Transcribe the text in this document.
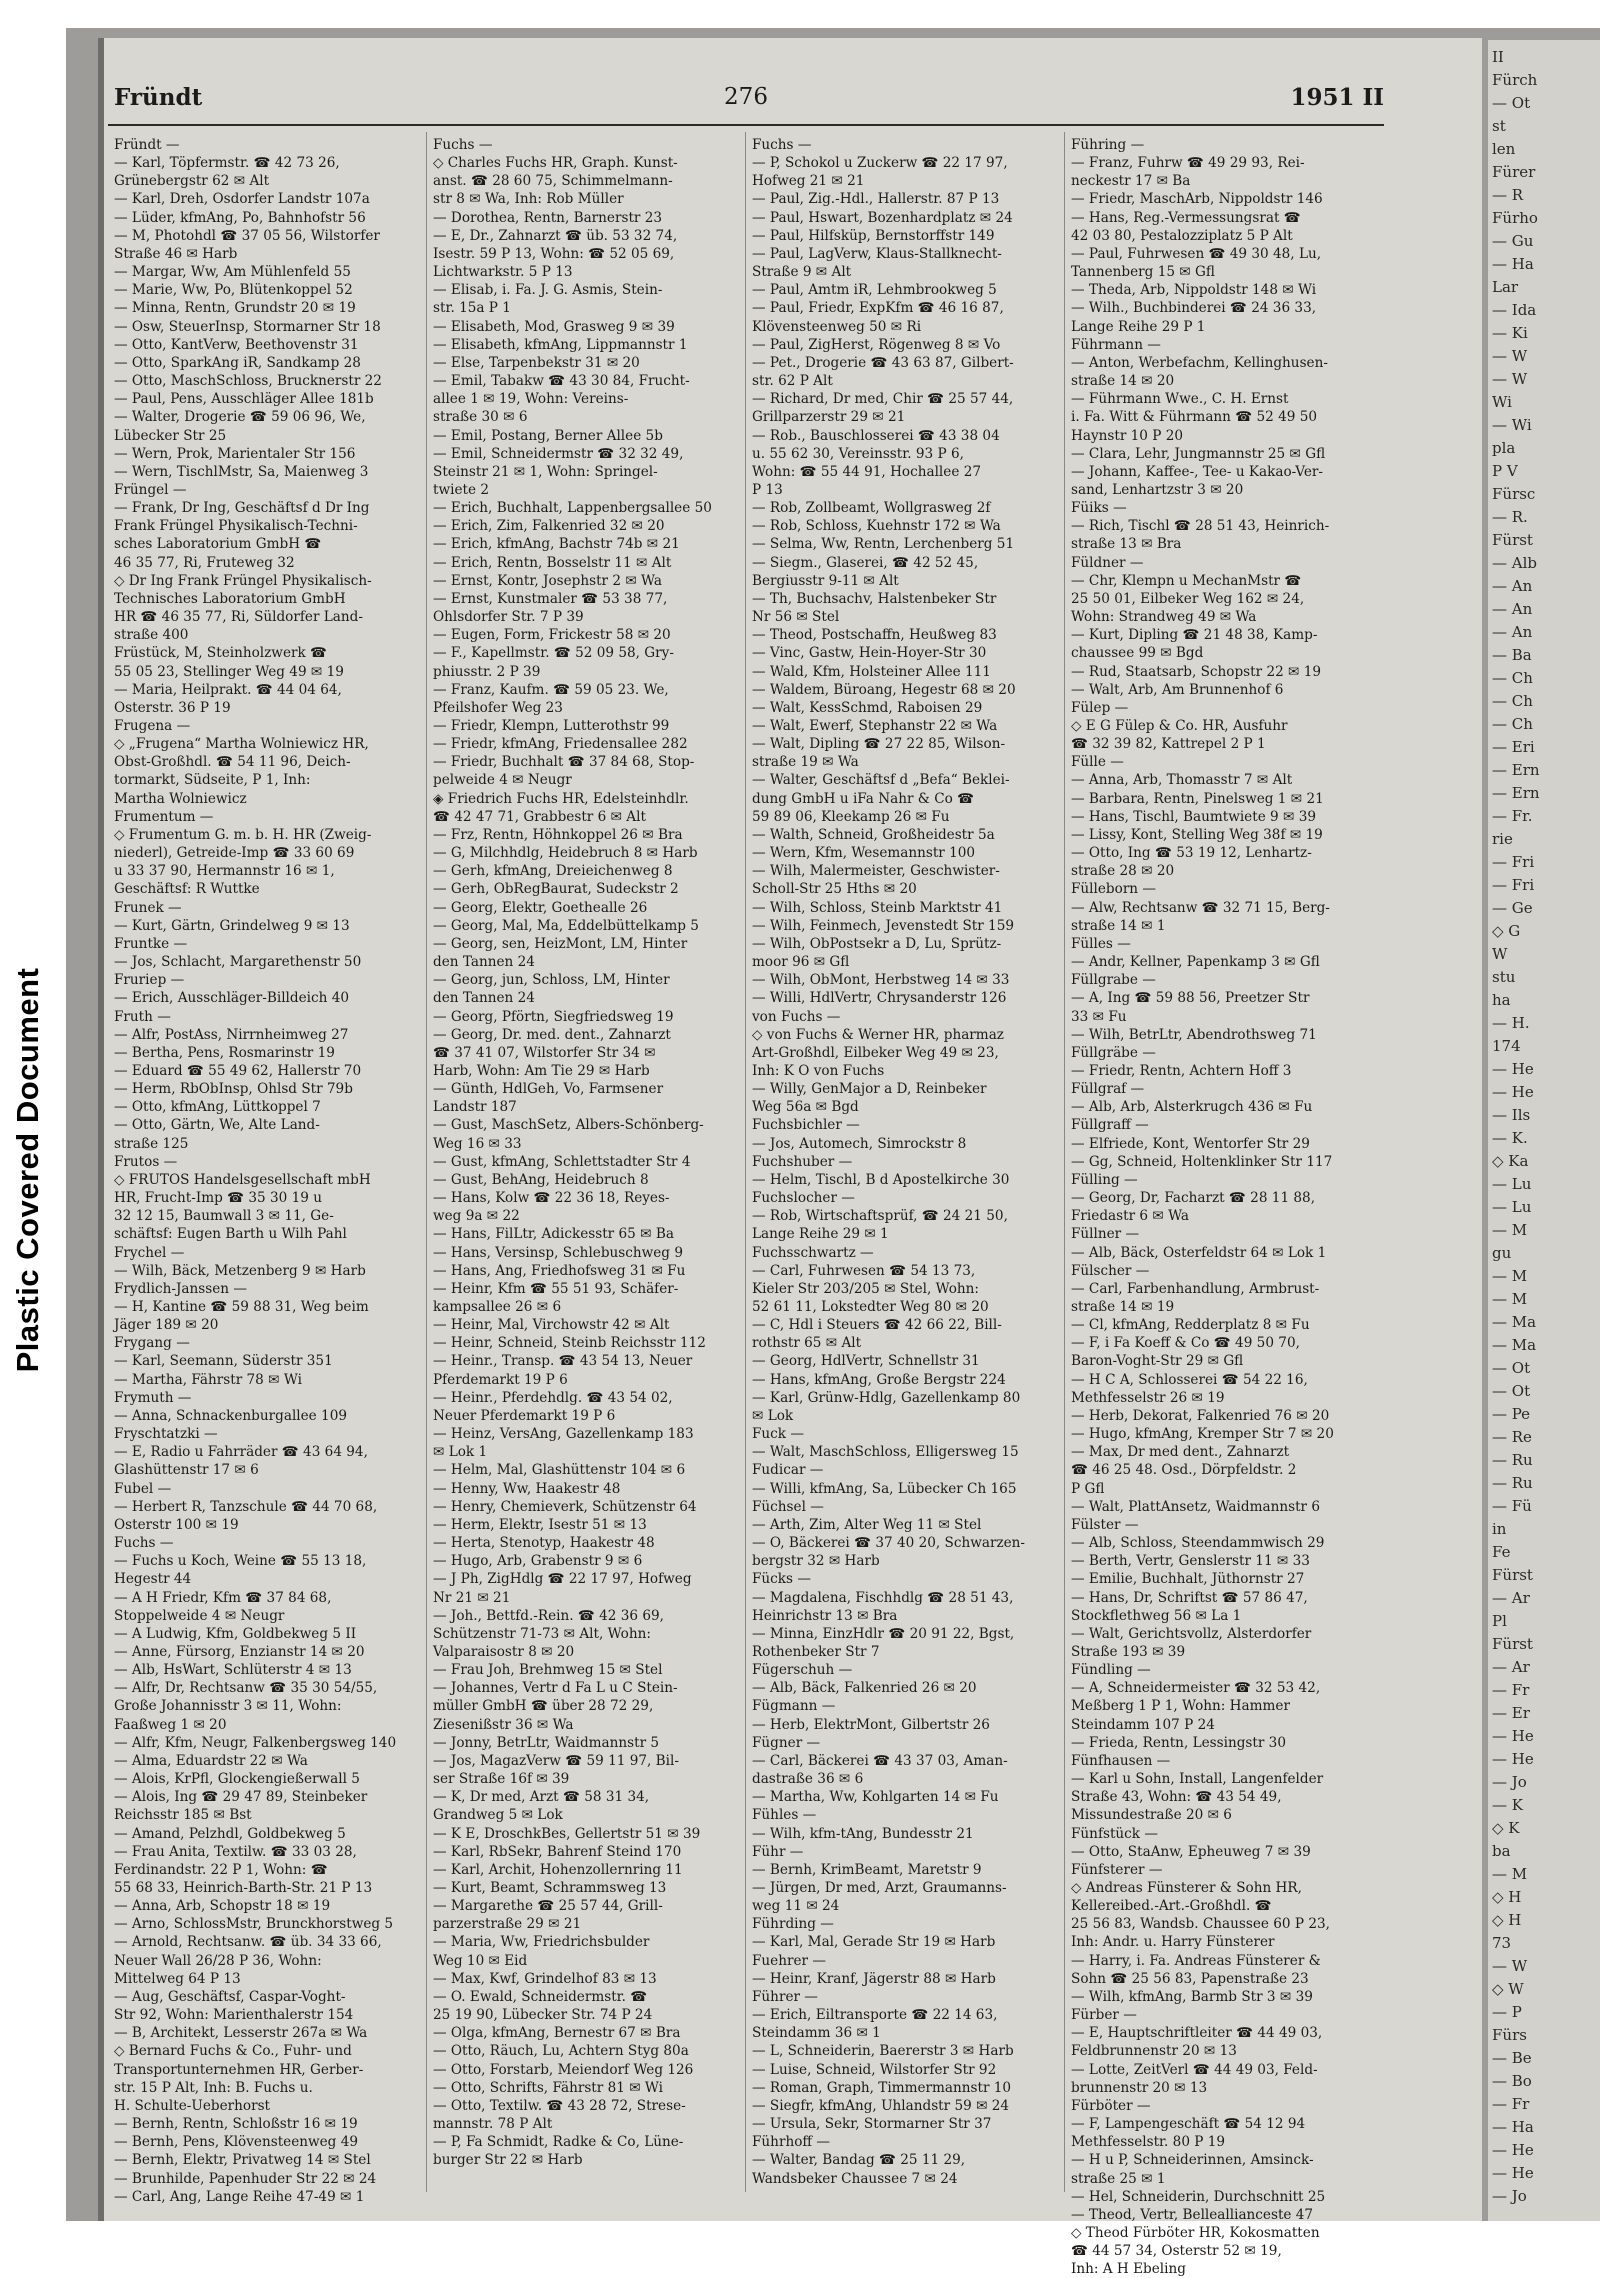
Plastic Covered Document
II
Fürch
— Ot
st
len
Fürer
— R
Fürho
— Gu
— Ha
Lar
— Ida
— Ki
— W
— W
Wi
— Wi
pla
P V
Fürsc
— R.
Fürst
— Alb
— An
— An
— An
— Ba
— Ch
— Ch
— Ch
— Eri
— Ern
— Ern
— Fr.
rie
— Fri
— Fri
— Ge
◇ G
W
stu
ha
— H.
174
— He
— He
— Ils
— K.
◇ Ka
— Lu
— Lu
— M
gu
— M
— M
— Ma
— Ma
— Ot
— Ot
— Pe
— Re
— Ru
— Ru
— Fü
in
Fe
Fürst
— Ar
Pl
Fürst
— Ar
— Fr
— Er
— He
— He
— Jo
— K
◇ K
ba
— M
◇ H
◇ H
73
— W
◇ W
— P
Fürs
— Be
— Bo
— Fr
— Ha
— He
— He
— Jo
Fründt	276	1951 II
Fründt —
— Karl, Töpfermstr. ☎ 42 73 26,
Grünebergstr 62 ✉ Alt
— Karl, Dreh, Osdorfer Landstr 107a
— Lüder, kfmAng, Po, Bahnhofstr 56
— M, Photohdl ☎ 37 05 56, Wilstorfer
Straße 46 ✉ Harb
— Margar, Ww, Am Mühlenfeld 55
— Marie, Ww, Po, Blütenkoppel 52
— Minna, Rentn, Grundstr 20 ✉ 19
— Osw, SteuerInsp, Stormarner Str 18
— Otto, KantVerw, Beethovenstr 31
— Otto, SparkAng iR, Sandkamp 28
— Otto, MaschSchloss, Brucknerstr 22
— Paul, Pens, Ausschläger Allee 181b
— Walter, Drogerie ☎ 59 06 96, We,
Lübecker Str 25
— Wern, Prok, Marientaler Str 156
— Wern, TischlMstr, Sa, Maienweg 3
Früngel —
— Frank, Dr Ing, Geschäftsf d Dr Ing
Frank Früngel Physikalisch-Techni-
sches Laboratorium GmbH ☎
46 35 77, Ri, Fruteweg 32
◇ Dr Ing Frank Früngel Physikalisch-
Technisches Laboratorium GmbH
HR ☎ 46 35 77, Ri, Süldorfer Land-
straße 400
Früstück, M, Steinholzwerk ☎
55 05 23, Stellinger Weg 49 ✉ 19
— Maria, Heilprakt. ☎ 44 04 64,
Osterstr. 36 P 19
Frugena —
◇ „Frugena“ Martha Wolniewicz HR,
Obst-Großhdl. ☎ 54 11 96, Deich-
tormarkt, Südseite, P 1, Inh:
Martha Wolniewicz
Frumentum —
◇ Frumentum G. m. b. H. HR (Zweig-
niederl), Getreide-Imp ☎ 33 60 69
u 33 37 90, Hermannstr 16 ✉ 1,
Geschäftsf: R Wuttke
Frunek —
— Kurt, Gärtn, Grindelweg 9 ✉ 13
Fruntke —
— Jos, Schlacht, Margarethenstr 50
Fruriep —
— Erich, Ausschläger-Billdeich 40
Fruth —
— Alfr, PostAss, Nirrnheimweg 27
— Bertha, Pens, Rosmarinstr 19
— Eduard ☎ 55 49 62, Hallerstr 70
— Herm, RbObInsp, Ohlsd Str 79b
— Otto, kfmAng, Lüttkoppel 7
— Otto, Gärtn, We, Alte Land-
straße 125
Frutos —
◇ FRUTOS Handelsgesellschaft mbH
HR, Frucht-Imp ☎ 35 30 19 u
32 12 15, Baumwall 3 ✉ 11, Ge-
schäftsf: Eugen Barth u Wilh Pahl
Frychel —
— Wilh, Bäck, Metzenberg 9 ✉ Harb
Frydlich-Janssen —
— H, Kantine ☎ 59 88 31, Weg beim
Jäger 189 ✉ 20
Frygang —
— Karl, Seemann, Süderstr 351
— Martha, Fährstr 78 ✉ Wi
Frymuth —
— Anna, Schnackenburgallee 109
Fryschtatzki —
— E, Radio u Fahrräder ☎ 43 64 94,
Glashüttenstr 17 ✉ 6
Fubel —
— Herbert R, Tanzschule ☎ 44 70 68,
Osterstr 100 ✉ 19
Fuchs —
— Fuchs u Koch, Weine ☎ 55 13 18,
Hegestr 44
— A H Friedr, Kfm ☎ 37 84 68,
Stoppelweide 4 ✉ Neugr
— A Ludwig, Kfm, Goldbekweg 5 II
— Anne, Fürsorg, Enzianstr 14 ✉ 20
— Alb, HsWart, Schlüterstr 4 ✉ 13
— Alfr, Dr, Rechtsanw ☎ 35 30 54/55,
Große Johannisstr 3 ✉ 11, Wohn:
Faaßweg 1 ✉ 20
— Alfr, Kfm, Neugr, Falkenbergsweg 140
— Alma, Eduardstr 22 ✉ Wa
— Alois, KrPfl, Glockengießerwall 5
— Alois, Ing ☎ 29 47 89, Steinbeker
Reichsstr 185 ✉ Bst
— Amand, Pelzhdl, Goldbekweg 5
— Frau Anita, Textilw. ☎ 33 03 28,
Ferdinandstr. 22 P 1, Wohn: ☎
55 68 33, Heinrich-Barth-Str. 21 P 13
— Anna, Arb, Schopstr 18 ✉ 19
— Arno, SchlossMstr, Brunckhorstweg 5
— Arnold, Rechtsanw. ☎ üb. 34 33 66,
Neuer Wall 26/28 P 36, Wohn:
Mittelweg 64 P 13
— Aug, Geschäftsf, Caspar-Voght-
Str 92, Wohn: Marienthalerstr 154
— B, Architekt, Lesserstr 267a ✉ Wa
◇ Bernard Fuchs & Co., Fuhr- und
Transportunternehmen HR, Gerber-
str. 15 P Alt, Inh: B. Fuchs u.
H. Schulte-Ueberhorst
— Bernh, Rentn, Schloßstr 16 ✉ 19
— Bernh, Pens, Klövensteenweg 49
— Bernh, Elektr, Privatweg 14 ✉ Stel
— Brunhilde, Papenhuder Str 22 ✉ 24
— Carl, Ang, Lange Reihe 47-49 ✉ 1
Fuchs —
◇ Charles Fuchs HR, Graph. Kunst-
anst. ☎ 28 60 75, Schimmelmann-
str 8 ✉ Wa, Inh: Rob Müller
— Dorothea, Rentn, Barnerstr 23
— E, Dr., Zahnarzt ☎ üb. 53 32 74,
Isestr. 59 P 13, Wohn: ☎ 52 05 69,
Lichtwarkstr. 5 P 13
— Elisab, i. Fa. J. G. Asmis, Stein-
str. 15a P 1
— Elisabeth, Mod, Grasweg 9 ✉ 39
— Elisabeth, kfmAng, Lippmannstr 1
— Else, Tarpenbekstr 31 ✉ 20
— Emil, Tabakw ☎ 43 30 84, Frucht-
allee 1 ✉ 19, Wohn: Vereins-
straße 30 ✉ 6
— Emil, Postang, Berner Allee 5b
— Emil, Schneidermstr ☎ 32 32 49,
Steinstr 21 ✉ 1, Wohn: Springel-
twiete 2
— Erich, Buchhalt, Lappenbergsallee 50
— Erich, Zim, Falkenried 32 ✉ 20
— Erich, kfmAng, Bachstr 74b ✉ 21
— Erich, Rentn, Bosselstr 11 ✉ Alt
— Ernst, Kontr, Josephstr 2 ✉ Wa
— Ernst, Kunstmaler ☎ 53 38 77,
Ohlsdorfer Str. 7 P 39
— Eugen, Form, Frickestr 58 ✉ 20
— F., Kapellmstr. ☎ 52 09 58, Gry-
phiusstr. 2 P 39
— Franz, Kaufm. ☎ 59 05 23. We,
Pfeilshofer Weg 23
— Friedr, Klempn, Lutterothstr 99
— Friedr, kfmAng, Friedensallee 282
— Friedr, Buchhalt ☎ 37 84 68, Stop-
pelweide 4 ✉ Neugr
◈ Friedrich Fuchs HR, Edelsteinhdlr.
☎ 42 47 71, Grabbestr 6 ✉ Alt
— Frz, Rentn, Höhnkoppel 26 ✉ Bra
— G, Milchhdlg, Heidebruch 8 ✉ Harb
— Gerh, kfmAng, Dreieichenweg 8
— Gerh, ObRegBaurat, Sudeckstr 2
— Georg, Elektr, Goethealle 26
— Georg, Mal, Ma, Eddelbüttelkamp 5
— Georg, sen, HeizMont, LM, Hinter
den Tannen 24
— Georg, jun, Schloss, LM, Hinter
den Tannen 24
— Georg, Pförtn, Siegfriedsweg 19
— Georg, Dr. med. dent., Zahnarzt
☎ 37 41 07, Wilstorfer Str 34 ✉
Harb, Wohn: Am Tie 29 ✉ Harb
— Günth, HdlGeh, Vo, Farmsener
Landstr 187
— Gust, MaschSetz, Albers-Schönberg-
Weg 16 ✉ 33
— Gust, kfmAng, Schlettstadter Str 4
— Gust, BehAng, Heidebruch 8
— Hans, Kolw ☎ 22 36 18, Reyes-
weg 9a ✉ 22
— Hans, FilLtr, Adickesstr 65 ✉ Ba
— Hans, Versinsp, Schlebuschweg 9
— Hans, Ang, Friedhofsweg 31 ✉ Fu
— Heinr, Kfm ☎ 55 51 93, Schäfer-
kampsallee 26 ✉ 6
— Heinr, Mal, Virchowstr 42 ✉ Alt
— Heinr, Schneid, Steinb Reichsstr 112
— Heinr., Transp. ☎ 43 54 13, Neuer
Pferdemarkt 19 P 6
— Heinr., Pferdehdlg. ☎ 43 54 02,
Neuer Pferdemarkt 19 P 6
— Heinz, VersAng, Gazellenkamp 183
✉ Lok 1
— Helm, Mal, Glashüttenstr 104 ✉ 6
— Henny, Ww, Haakestr 48
— Henry, Chemieverk, Schützenstr 64
— Herm, Elektr, Isestr 51 ✉ 13
— Herta, Stenotyp, Haakestr 48
— Hugo, Arb, Grabenstr 9 ✉ 6
— J Ph, ZigHdlg ☎ 22 17 97, Hofweg
Nr 21 ✉ 21
— Joh., Bettfd.-Rein. ☎ 42 36 69,
Schützenstr 71-73 ✉ Alt, Wohn:
Valparaisostr 8 ✉ 20
— Frau Joh, Brehmweg 15 ✉ Stel
— Johannes, Vertr d Fa L u C Stein-
müller GmbH ☎ über 28 72 29,
Ziesenißstr 36 ✉ Wa
— Jonny, BetrLtr, Waidmannstr 5
— Jos, MagazVerw ☎ 59 11 97, Bil-
ser Straße 16f ✉ 39
— K, Dr med, Arzt ☎ 58 31 34,
Grandweg 5 ✉ Lok
— K E, DroschkBes, Gellertstr 51 ✉ 39
— Karl, RbSekr, Bahrenf Steind 170
— Karl, Archit, Hohenzollernring 11
— Kurt, Beamt, Schrammsweg 13
— Margarethe ☎ 25 57 44, Grill-
parzerstraße 29 ✉ 21
— Maria, Ww, Friedrichsbulder
Weg 10 ✉ Eid
— Max, Kwf, Grindelhof 83 ✉ 13
— O. Ewald, Schneidermstr. ☎
25 19 90, Lübecker Str. 74 P 24
— Olga, kfmAng, Bernestr 67 ✉ Bra
— Otto, Räuch, Lu, Achtern Styg 80a
— Otto, Forstarb, Meiendorf Weg 126
— Otto, Schrifts, Fährstr 81 ✉ Wi
— Otto, Textilw. ☎ 43 28 72, Strese-
mannstr. 78 P Alt
— P, Fa Schmidt, Radke & Co, Lüne-
burger Str 22 ✉ Harb
Fuchs —
— P, Schokol u Zuckerw ☎ 22 17 97,
Hofweg 21 ✉ 21
— Paul, Zig.-Hdl., Hallerstr. 87 P 13
— Paul, Hswart, Bozenhardplatz ✉ 24
— Paul, Hilfsküp, Bernstorffstr 149
— Paul, LagVerw, Klaus-Stallknecht-
Straße 9 ✉ Alt
— Paul, Amtm iR, Lehmbrookweg 5
— Paul, Friedr, ExpKfm ☎ 46 16 87,
Klövensteenweg 50 ✉ Ri
— Paul, ZigHerst, Rögenweg 8 ✉ Vo
— Pet., Drogerie ☎ 43 63 87, Gilbert-
str. 62 P Alt
— Richard, Dr med, Chir ☎ 25 57 44,
Grillparzerstr 29 ✉ 21
— Rob., Bauschlosserei ☎ 43 38 04
u. 55 62 30, Vereinsstr. 93 P 6,
Wohn: ☎ 55 44 91, Hochallee 27
P 13
— Rob, Zollbeamt, Wollgrasweg 2f
— Rob, Schloss, Kuehnstr 172 ✉ Wa
— Selma, Ww, Rentn, Lerchenberg 51
— Siegm., Glaserei, ☎ 42 52 45,
Bergiusstr 9-11 ✉ Alt
— Th, Buchsachv, Halstenbeker Str
Nr 56 ✉ Stel
— Theod, Postschaffn, Heußweg 83
— Vinc, Gastw, Hein-Hoyer-Str 30
— Wald, Kfm, Holsteiner Allee 111
— Waldem, Büroang, Hegestr 68 ✉ 20
— Walt, KessSchmd, Raboisen 29
— Walt, Ewerf, Stephanstr 22 ✉ Wa
— Walt, Dipling ☎ 27 22 85, Wilson-
straße 19 ✉ Wa
— Walter, Geschäftsf d „Befa“ Beklei-
dung GmbH u iFa Nahr & Co ☎
59 89 06, Kleekamp 26 ✉ Fu
— Walth, Schneid, Großheidestr 5a
— Wern, Kfm, Wesemannstr 100
— Wilh, Malermeister, Geschwister-
Scholl-Str 25 Hths ✉ 20
— Wilh, Schloss, Steinb Marktstr 41
— Wilh, Feinmech, Jevenstedt Str 159
— Wilh, ObPostsekr a D, Lu, Sprütz-
moor 96 ✉ Gfl
— Wilh, ObMont, Herbstweg 14 ✉ 33
— Willi, HdlVertr, Chrysanderstr 126
von Fuchs —
◇ von Fuchs & Werner HR, pharmaz
Art-Großhdl, Eilbeker Weg 49 ✉ 23,
Inh: K O von Fuchs
— Willy, GenMajor a D, Reinbeker
Weg 56a ✉ Bgd
Fuchsbichler —
— Jos, Automech, Simrockstr 8
Fuchshuber —
— Helm, Tischl, B d Apostelkirche 30
Fuchslocher —
— Rob, Wirtschaftsprüf, ☎ 24 21 50,
Lange Reihe 29 ✉ 1
Fuchsschwartz —
— Carl, Fuhrwesen ☎ 54 13 73,
Kieler Str 203/205 ✉ Stel, Wohn:
52 61 11, Lokstedter Weg 80 ✉ 20
— C, Hdl i Steuers ☎ 42 66 22, Bill-
rothstr 65 ✉ Alt
— Georg, HdlVertr, Schnellstr 31
— Hans, kfmAng, Große Bergstr 224
— Karl, Grünw-Hdlg, Gazellenkamp 80
✉ Lok
Fuck —
— Walt, MaschSchloss, Elligersweg 15
Fudicar —
— Willi, kfmAng, Sa, Lübecker Ch 165
Füchsel —
— Arth, Zim, Alter Weg 11 ✉ Stel
— O, Bäckerei ☎ 37 40 20, Schwarzen-
bergstr 32 ✉ Harb
Fücks —
— Magdalena, Fischhdlg ☎ 28 51 43,
Heinrichstr 13 ✉ Bra
— Minna, EinzHdlr ☎ 20 91 22, Bgst,
Rothenbeker Str 7
Fügerschuh —
— Alb, Bäck, Falkenried 26 ✉ 20
Fügmann —
— Herb, ElektrMont, Gilbertstr 26
Fügner —
— Carl, Bäckerei ☎ 43 37 03, Aman-
dastraße 36 ✉ 6
— Martha, Ww, Kohlgarten 14 ✉ Fu
Fühles —
— Wilh, kfm-tAng, Bundesstr 21
Führ —
— Bernh, KrimBeamt, Maretstr 9
— Jürgen, Dr med, Arzt, Graumanns-
weg 11 ✉ 24
Führding —
— Karl, Mal, Gerade Str 19 ✉ Harb
Fuehrer —
— Heinr, Kranf, Jägerstr 88 ✉ Harb
Führer —
— Erich, Eiltransporte ☎ 22 14 63,
Steindamm 36 ✉ 1
— L, Schneiderin, Baererstr 3 ✉ Harb
— Luise, Schneid, Wilstorfer Str 92
— Roman, Graph, Timmermannstr 10
— Siegfr, kfmAng, Uhlandstr 59 ✉ 24
— Ursula, Sekr, Stormarner Str 37
Führhoff —
— Walter, Bandag ☎ 25 11 29,
Wandsbeker Chaussee 7 ✉ 24
Führing —
— Franz, Fuhrw ☎ 49 29 93, Rei-
neckestr 17 ✉ Ba
— Friedr, MaschArb, Nippoldstr 146
— Hans, Reg.-Vermessungsrat ☎
42 03 80, Pestalozziplatz 5 P Alt
— Paul, Fuhrwesen ☎ 49 30 48, Lu,
Tannenberg 15 ✉ Gfl
— Theda, Arb, Nippoldstr 148 ✉ Wi
— Wilh., Buchbinderei ☎ 24 36 33,
Lange Reihe 29 P 1
Führmann —
— Anton, Werbefachm, Kellinghusen-
straße 14 ✉ 20
— Führmann Wwe., C. H. Ernst
i. Fa. Witt & Führmann ☎ 52 49 50
Haynstr 10 P 20
— Clara, Lehr, Jungmannstr 25 ✉ Gfl
— Johann, Kaffee-, Tee- u Kakao-Ver-
sand, Lenhartzstr 3 ✉ 20
Füiks —
— Rich, Tischl ☎ 28 51 43, Heinrich-
straße 13 ✉ Bra
Füldner —
— Chr, Klempn u MechanMstr ☎
25 50 01, Eilbeker Weg 162 ✉ 24,
Wohn: Strandweg 49 ✉ Wa
— Kurt, Dipling ☎ 21 48 38, Kamp-
chaussee 99 ✉ Bgd
— Rud, Staatsarb, Schopstr 22 ✉ 19
— Walt, Arb, Am Brunnenhof 6
Fülep —
◇ E G Fülep & Co. HR, Ausfuhr
☎ 32 39 82, Kattrepel 2 P 1
Fülle —
— Anna, Arb, Thomasstr 7 ✉ Alt
— Barbara, Rentn, Pinelsweg 1 ✉ 21
— Hans, Tischl, Baumtwiete 9 ✉ 39
— Lissy, Kont, Stelling Weg 38f ✉ 19
— Otto, Ing ☎ 53 19 12, Lenhartz-
straße 28 ✉ 20
Fülleborn —
— Alw, Rechtsanw ☎ 32 71 15, Berg-
straße 14 ✉ 1
Fülles —
— Andr, Kellner, Papenkamp 3 ✉ Gfl
Füllgrabe —
— A, Ing ☎ 59 88 56, Preetzer Str
33 ✉ Fu
— Wilh, BetrLtr, Abendrothsweg 71
Füllgräbe —
— Friedr, Rentn, Achtern Hoff 3
Füllgraf —
— Alb, Arb, Alsterkrugch 436 ✉ Fu
Füllgraff —
— Elfriede, Kont, Wentorfer Str 29
— Gg, Schneid, Holtenklinker Str 117
Fülling —
— Georg, Dr, Facharzt ☎ 28 11 88,
Friedastr 6 ✉ Wa
Füllner —
— Alb, Bäck, Osterfeldstr 64 ✉ Lok 1
Fülscher —
— Carl, Farbenhandlung, Armbrust-
straße 14 ✉ 19
— Cl, kfmAng, Redderplatz 8 ✉ Fu
— F, i Fa Koeff & Co ☎ 49 50 70,
Baron-Voght-Str 29 ✉ Gfl
— H C A, Schlosserei ☎ 54 22 16,
Methfesselstr 26 ✉ 19
— Herb, Dekorat, Falkenried 76 ✉ 20
— Hugo, kfmAng, Kremper Str 7 ✉ 20
— Max, Dr med dent., Zahnarzt
☎ 46 25 48. Osd., Dörpfeldstr. 2
P Gfl
— Walt, PlattAnsetz, Waidmannstr 6
Fülster —
— Alb, Schloss, Steendammwisch 29
— Berth, Vertr, Genslerstr 11 ✉ 33
— Emilie, Buchhalt, Jüthornstr 27
— Hans, Dr, Schriftst ☎ 57 86 47,
Stockflethweg 56 ✉ La 1
— Walt, Gerichtsvollz, Alsterdorfer
Straße 193 ✉ 39
Fündling —
— A, Schneidermeister ☎ 32 53 42,
Meßberg 1 P 1, Wohn: Hammer
Steindamm 107 P 24
— Frieda, Rentn, Lessingstr 30
Fünfhausen —
— Karl u Sohn, Install, Langenfelder
Straße 43, Wohn: ☎ 43 54 49,
Missundestraße 20 ✉ 6
Fünfstück —
— Otto, StaAnw, Epheuweg 7 ✉ 39
Fünfsterer —
◇ Andreas Fünsterer & Sohn HR,
Kellereibed.-Art.-Großhdl. ☎
25 56 83, Wandsb. Chaussee 60 P 23,
Inh: Andr. u. Harry Fünsterer
— Harry, i. Fa. Andreas Fünsterer &
Sohn ☎ 25 56 83, Papenstraße 23
— Wilh, kfmAng, Barmb Str 3 ✉ 39
Fürber —
— E, Hauptschriftleiter ☎ 44 49 03,
Feldbrunnenstr 20 ✉ 13
— Lotte, ZeitVerl ☎ 44 49 03, Feld-
brunnenstr 20 ✉ 13
Fürböter —
— F, Lampengeschäft ☎ 54 12 94
Methfesselstr. 80 P 19
— H u P, Schneiderinnen, Amsinck-
straße 25 ✉ 1
— Hel, Schneiderin, Durchschnitt 25
— Theod, Vertr, Belleallianceste 47
◇ Theod Fürböter HR, Kokosmatten
☎ 44 57 34, Osterstr 52 ✉ 19,
Inh: A H Ebeling
